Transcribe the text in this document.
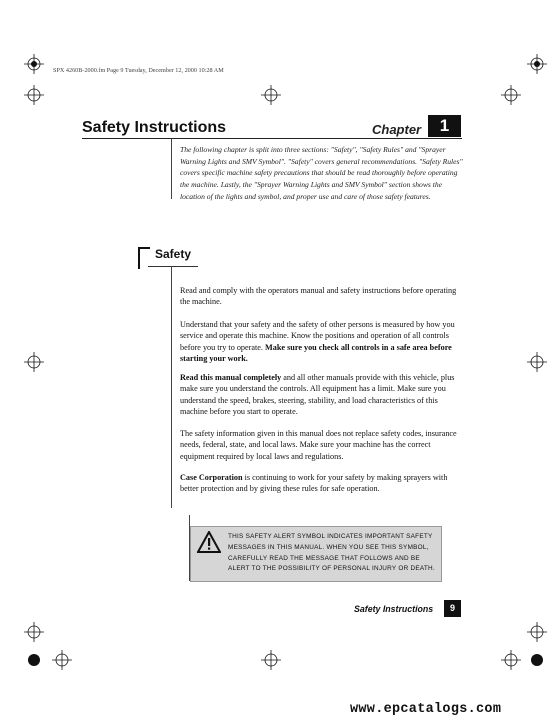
SPX 4260B-2000.fm Page 9 Tuesday, December 12, 2000 10:28 AM
Safety Instructions	Chapter	1
The following chapter is split into three sections: "Safety", "Safety Rules" and "Sprayer Warning Lights and SMV Symbol". "Safety" covers general recommendations. "Safety Rules" covers specific machine safety precautions that should be read thoroughly before operating the machine. Lastly, the "Sprayer Warning Lights and SMV Symbol" section shows the location of the lights and symbol, and proper use and care of those safety features.
Safety
Read and comply with the operators manual and safety instructions before operating the machine.
Understand that your safety and the safety of other persons is measured by how you service and operate this machine. Know the positions and operation of all controls before you try to operate. Make sure you check all controls in a safe area before starting your work.
Read this manual completely and all other manuals provide with this vehicle, plus make sure you understand the controls. All equipment has a limit. Make sure you understand the speed, brakes, steering, stability, and load characteristics of this machine before you start to operate.
The safety information given in this manual does not replace safety codes, insurance needs, federal, state, and local laws. Make sure your machine has the correct equipment required by local laws and regulations.
Case Corporation is continuing to work for your safety by making sprayers with better protection and by giving these rules for safe operation.
THIS SAFETY ALERT SYMBOL INDICATES IMPORTANT SAFETY MESSAGES IN THIS MANUAL. WHEN YOU SEE THIS SYMBOL, CAREFULLY READ THE MESSAGE THAT FOLLOWS AND BE ALERT TO THE POSSIBILITY OF PERSONAL INJURY OR DEATH.
Safety Instructions	9
www.epcatalogs.com
